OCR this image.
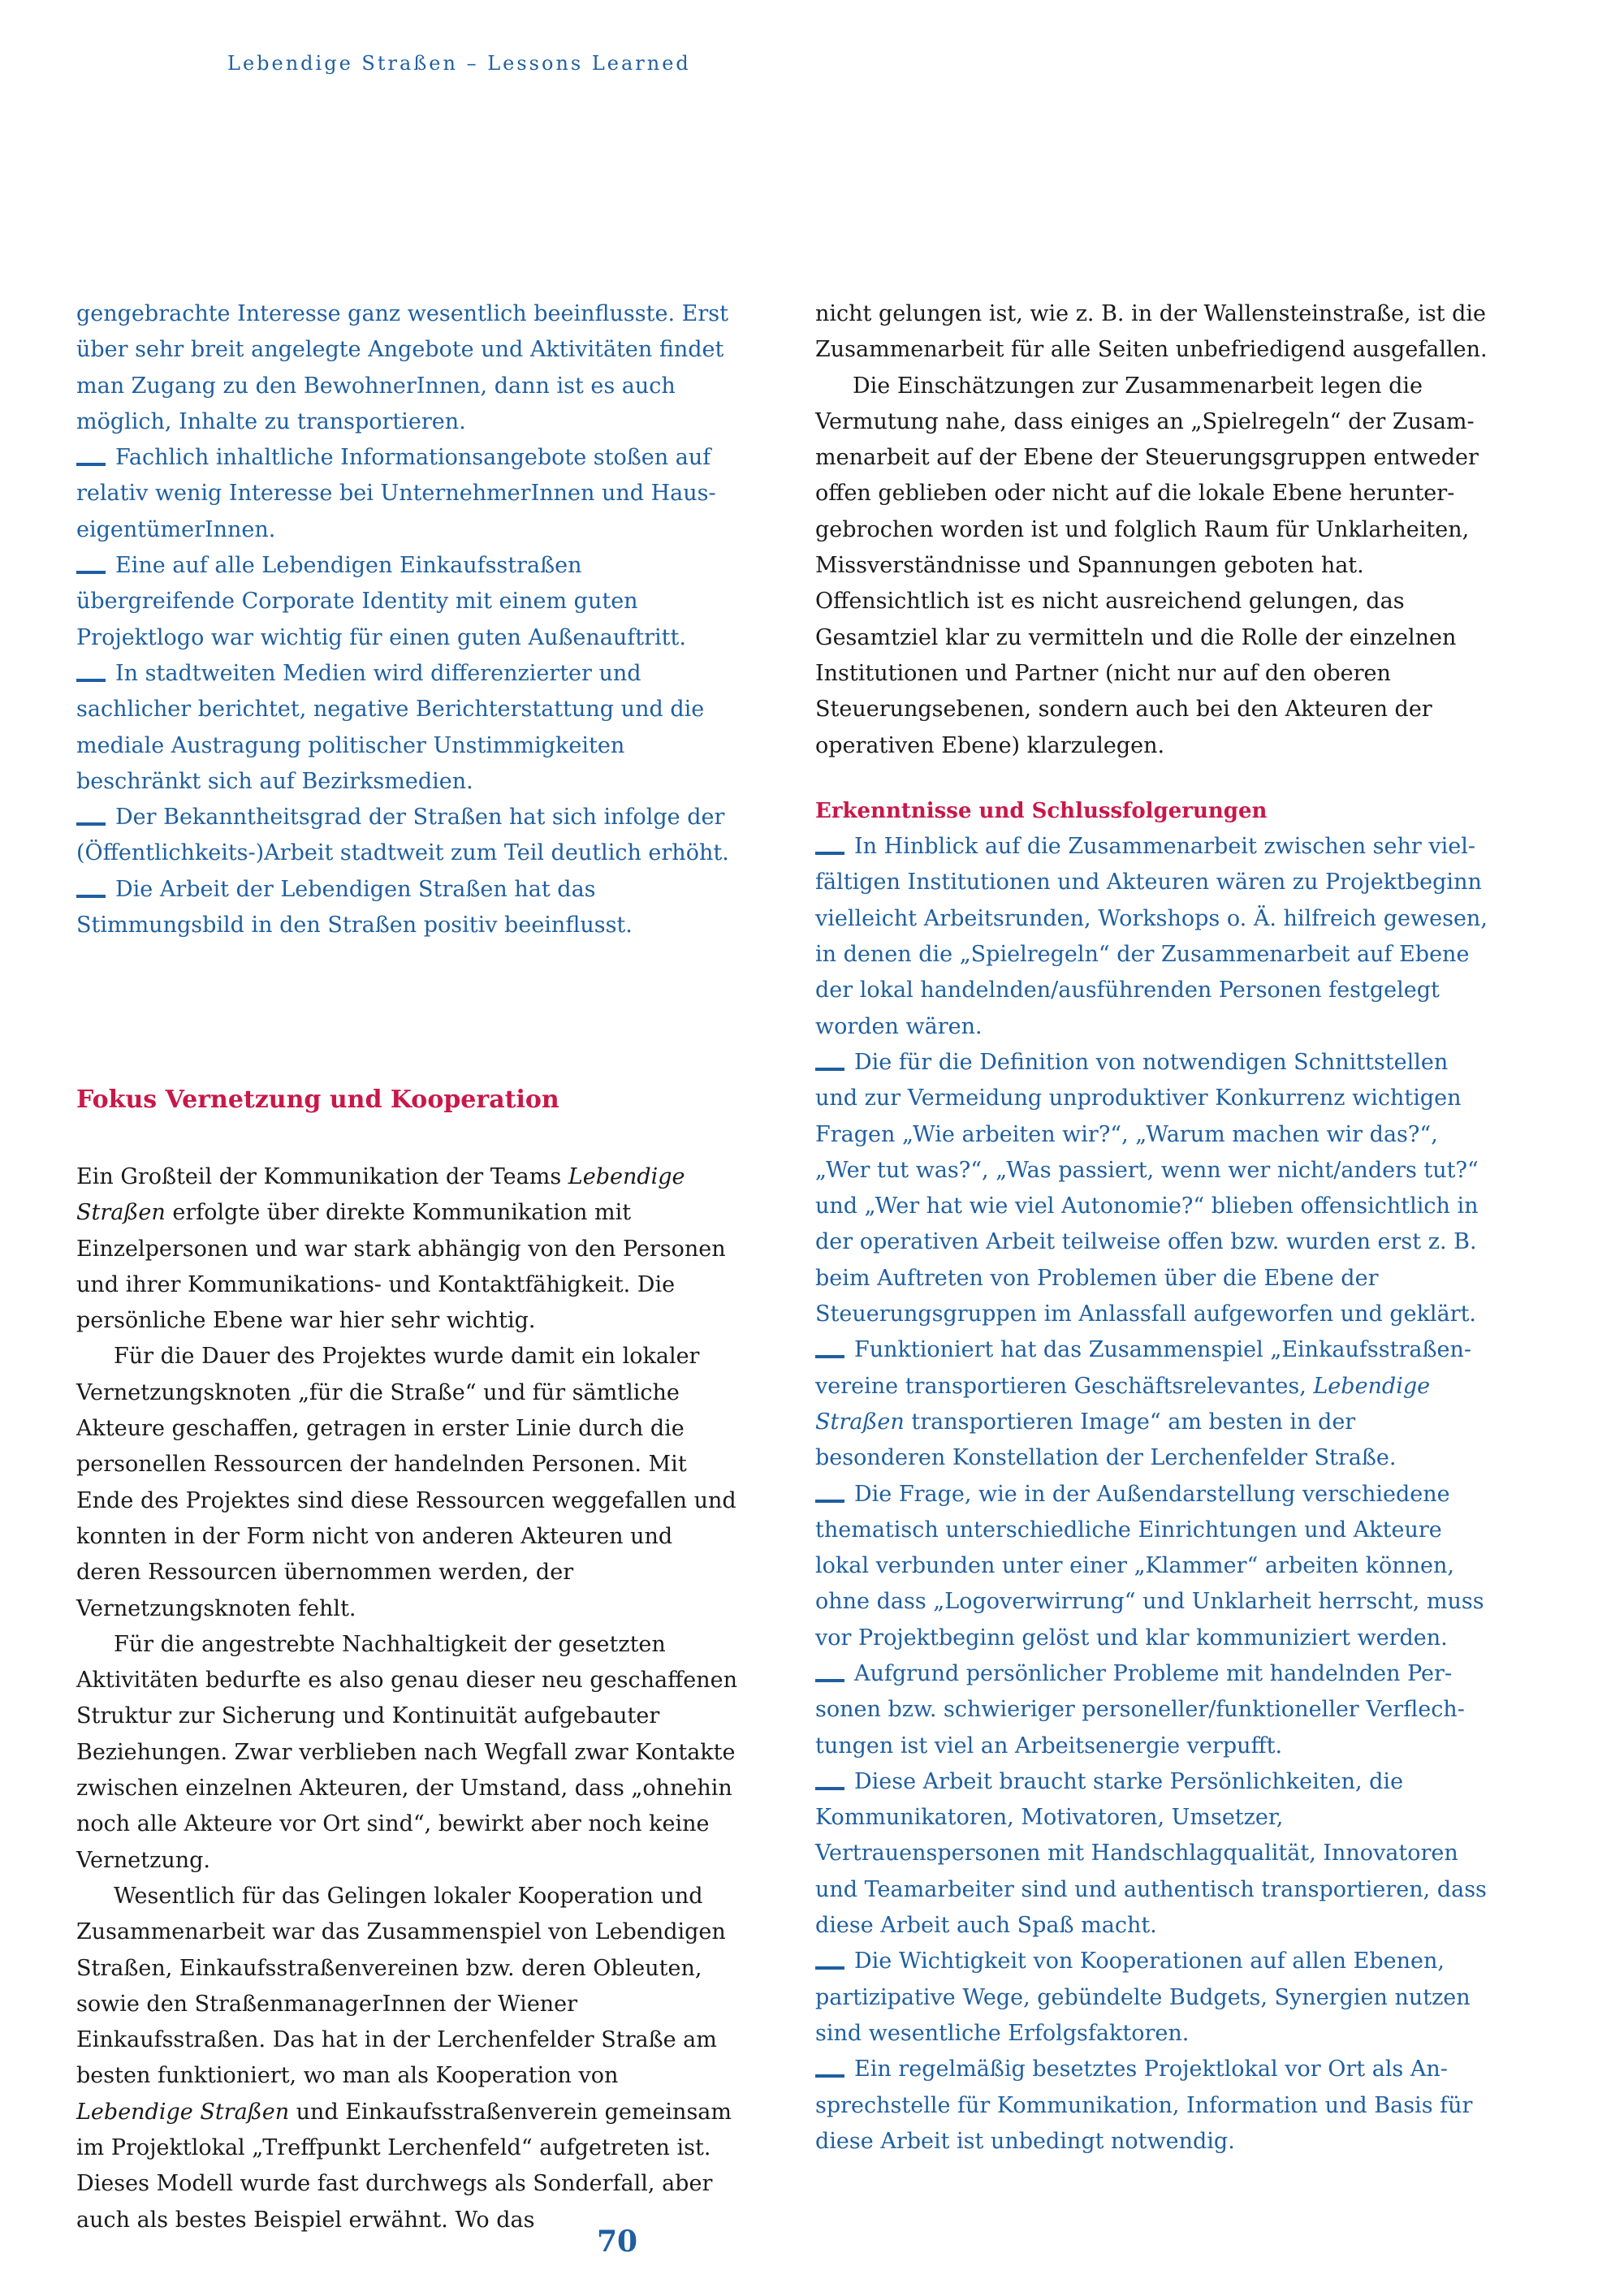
Lebendige Straßen – Lessons Learned

gengebrachte Interesse ganz wesentlich beeinflusste. Erst über sehr breit angelegte Angebote und Aktivitäten findet man Zugang zu den BewohnerInnen, dann ist es auch möglich, Inhalte zu transportieren.

Fachlich inhaltliche Informationsangebote stoßen auf relativ wenig Interesse bei UnternehmerInnen und HauseigentümerInnen.

Eine auf alle Lebendigen Einkaufsstraßen übergreifende Corporate Identity mit einem guten Projektlogo war wichtig für einen guten Außenauftritt.

In stadtweiten Medien wird differenzierter und sachlicher berichtet, negative Berichterstattung und die mediale Austragung politischer Unstimmigkeiten beschränkt sich auf Bezirksmedien.

Der Bekanntheitsgrad der Straßen hat sich infolge der (Öffentlichkeits-)Arbeit stadtweit zum Teil deutlich erhöht.

Die Arbeit der Lebendigen Straßen hat das Stimmungsbild in den Straßen positiv beeinflusst.

Fokus Vernetzung und Kooperation

Ein Großteil der Kommunikation der Teams Lebendige Straßen erfolgte über direkte Kommunikation mit Einzelpersonen und war stark abhängig von den Personen und ihrer Kommunikations- und Kontaktfähigkeit. Die persönliche Ebene war hier sehr wichtig.

Für die Dauer des Projektes wurde damit ein lokaler Vernetzungsknoten „für die Straße“ und für sämtliche Akteure geschaffen, getragen in erster Linie durch die personellen Ressourcen der handelnden Personen. Mit Ende des Projektes sind diese Ressourcen weggefallen und konnten in der Form nicht von anderen Akteuren und deren Ressourcen übernommen werden, der Vernetzungsknoten fehlt.

Für die angestrebte Nachhaltigkeit der gesetzten Aktivitäten bedurfte es also genau dieser neu geschaffenen Struktur zur Sicherung und Kontinuität aufgebauter Beziehungen. Zwar verblieben nach Wegfall zwar Kontakte zwischen einzelnen Akteuren, der Umstand, dass „ohnehin noch alle Akteure vor Ort sind“, bewirkt aber noch keine Vernetzung.

Wesentlich für das Gelingen lokaler Kooperation und Zusammenarbeit war das Zusammenspiel von Lebendigen Straßen, Einkaufsstraßenvereinen bzw. deren Obleuten, sowie den StraßenmanagerInnen der Wiener Einkaufsstraßen. Das hat in der Lerchenfelder Straße am besten funktioniert, wo man als Kooperation von Lebendige Straßen und Einkaufsstraßenverein gemeinsam im Projektlokal „Treffpunkt Lerchenfeld“ aufgetreten ist. Dieses Modell wurde fast durchwegs als Sonderfall, aber auch als bestes Beispiel erwähnt. Wo das

nicht gelungen ist, wie z. B. in der Wallensteinstraße, ist die Zusammenarbeit für alle Seiten unbefriedigend ausgefallen.

Die Einschätzungen zur Zusammenarbeit legen die Vermutung nahe, dass einiges an „Spielregeln“ der Zusammenarbeit auf der Ebene der Steuerungsgruppen entweder offen geblieben oder nicht auf die lokale Ebene heruntergebrochen worden ist und folglich Raum für Unklarheiten, Missverständnisse und Spannungen geboten hat. Offensichtlich ist es nicht ausreichend gelungen, das Gesamtziel klar zu vermitteln und die Rolle der einzelnen Institutionen und Partner (nicht nur auf den oberen Steuerungsebenen, sondern auch bei den Akteuren der operativen Ebene) klarzulegen.

Erkenntnisse und Schlussfolgerungen

In Hinblick auf die Zusammenarbeit zwischen sehr vielfältigen Institutionen und Akteuren wären zu Projektbeginn vielleicht Arbeitsrunden, Workshops o. Ä. hilfreich gewesen, in denen die „Spielregeln“ der Zusammenarbeit auf Ebene der lokal handelnden/ausführenden Personen festgelegt worden wären.

Die für die Definition von notwendigen Schnittstellen und zur Vermeidung unproduktiver Konkurrenz wichtigen Fragen „Wie arbeiten wir?“, „Warum machen wir das?“, „Wer tut was?“, „Was passiert, wenn wer nicht/anders tut?“ und „Wer hat wie viel Autonomie?“ blieben offensichtlich in der operativen Arbeit teilweise offen bzw. wurden erst z. B. beim Auftreten von Problemen über die Ebene der Steuerungsgruppen im Anlassfall aufgeworfen und geklärt.

Funktioniert hat das Zusammenspiel „Einkaufsstraßenvereine transportieren Geschäftsrelevantes, Lebendige Straßen transportieren Image“ am besten in der besonderen Konstellation der Lerchenfelder Straße.

Die Frage, wie in der Außendarstellung verschiedene thematisch unterschiedliche Einrichtungen und Akteure lokal verbunden unter einer „Klammer“ arbeiten können, ohne dass „Logoverwirrung“ und Unklarheit herrscht, muss vor Projektbeginn gelöst und klar kommuniziert werden.

Aufgrund persönlicher Probleme mit handelnden Personen bzw. schwieriger personeller/funktioneller Verflechtungen ist viel an Arbeitsenergie verpufft.

Diese Arbeit braucht starke Persönlichkeiten, die Kommunikatoren, Motivatoren, Umsetzer, Vertrauenspersonen mit Handschlagqualität, Innovatoren und Teamarbeiter sind und authentisch transportieren, dass diese Arbeit auch Spaß macht.

Die Wichtigkeit von Kooperationen auf allen Ebenen, partizipative Wege, gebündelte Budgets, Synergien nutzen sind wesentliche Erfolgsfaktoren.

Ein regelmäßig besetztes Projektlokal vor Ort als Ansprechstelle für Kommunikation, Information und Basis für diese Arbeit ist unbedingt notwendig.

70
